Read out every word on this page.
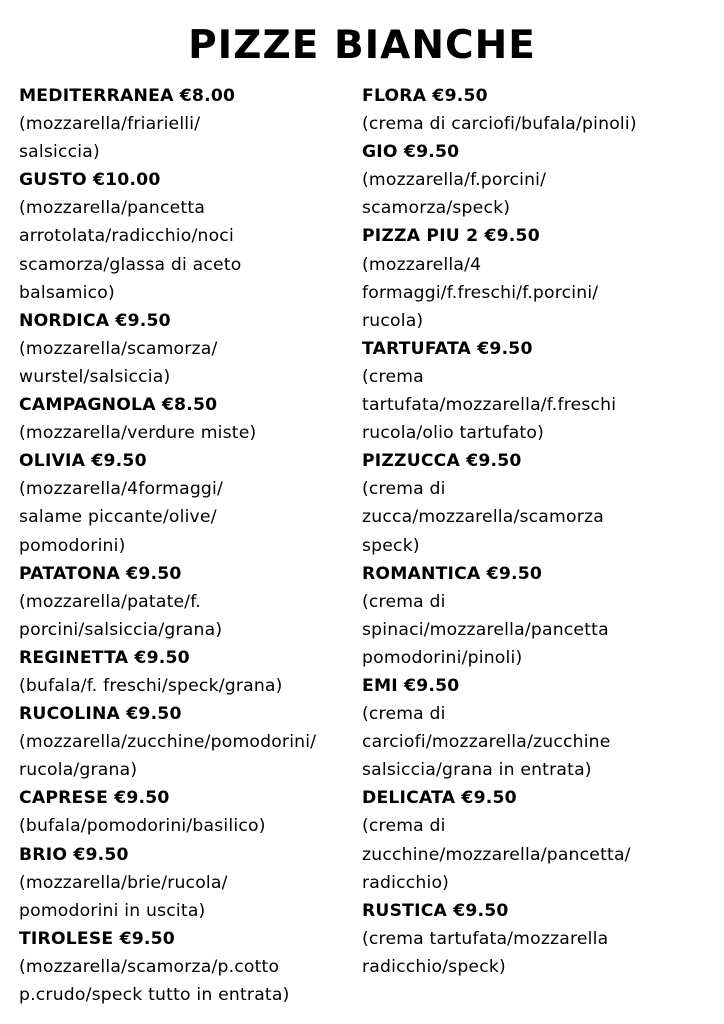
PIZZE BIANCHE
MEDITERRANEA €8.00
(mozzarella/friarielli/
salsiccia)
GUSTO €10.00
(mozzarella/pancetta
arrotolata/radicchio/noci
scamorza/glassa di aceto
balsamico)
NORDICA €9.50
(mozzarella/scamorza/
wurstel/salsiccia)
CAMPAGNOLA €8.50
(mozzarella/verdure miste)
OLIVIA €9.50
(mozzarella/4formaggi/
salame piccante/olive/
pomodorini)
PATATONA €9.50
(mozzarella/patate/f.
porcini/salsiccia/grana)
REGINETTA €9.50
(bufala/f. freschi/speck/grana)
RUCOLINA €9.50
(mozzarella/zucchine/pomodorini/
rucola/grana)
CAPRESE €9.50
(bufala/pomodorini/basilico)
BRIO €9.50
(mozzarella/brie/rucola/
pomodorini in uscita)
TIROLESE €9.50
(mozzarella/scamorza/p.cotto
p.crudo/speck tutto in entrata)
FLORA €9.50
(crema di carciofi/bufala/pinoli)
GIO €9.50
(mozzarella/f.porcini/
scamorza/speck)
PIZZA PIU 2 €9.50
(mozzarella/4
formaggi/f.freschi/f.porcini/
rucola)
TARTUFATA €9.50
(crema
tartufata/mozzarella/f.freschi
rucola/olio tartufato)
PIZZUCCA €9.50
(crema di
zucca/mozzarella/scamorza
speck)
ROMANTICA €9.50
(crema di
spinaci/mozzarella/pancetta
pomodorini/pinoli)
EMI €9.50
(crema di
carciofi/mozzarella/zucchine
salsiccia/grana in entrata)
DELICATA €9.50
(crema di
zucchine/mozzarella/pancetta/
radicchio)
RUSTICA €9.50
(crema tartufata/mozzarella
radicchio/speck)
